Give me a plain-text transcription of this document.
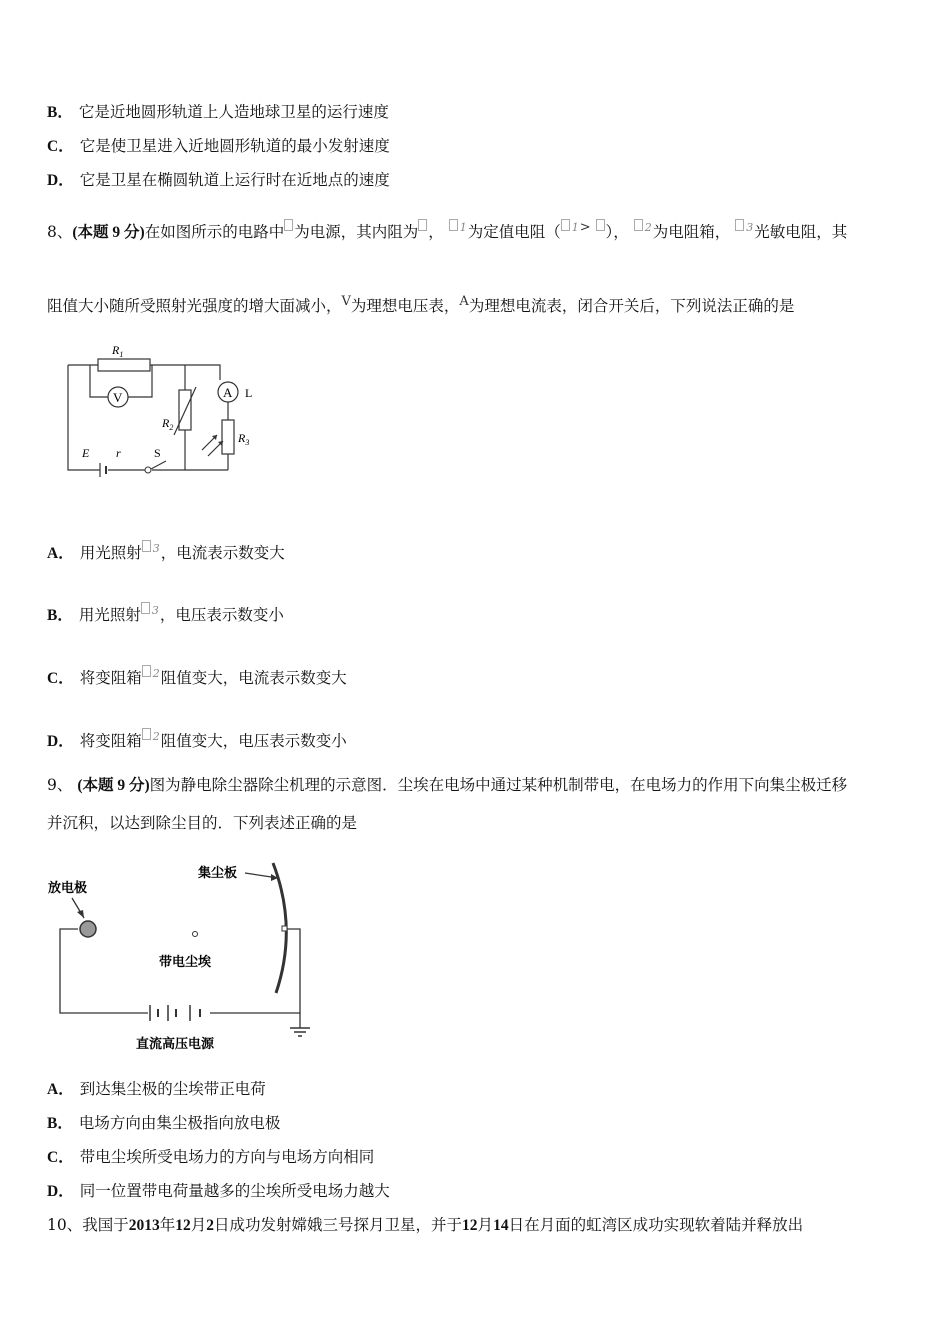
B． 它是近地圆形轨道上人造地球卫星的运行速度
C． 它是使卫星进入近地圆形轨道的最小发射速度
D． 它是卫星在椭圆轨道上运行时在近地点的速度
8、(本题 9 分)在如图所示的电路中 为电源，其内阻为 ， 1为定值电阻（ 1> ）， 2为电阻箱， 3光敏电阻，其
阻值大小随所受照射光强度的增大面减小，$^V$为理想电压表，$^A$为理想电流表，闭合开关后，下列说法正确的是
$R_1$
V
$R_2$
A L
$R_3$
E r	S
A． 用光照射 3，电流表示数变大
B． 用光照射 3，电压表示数变小
C． 将变阻箱 2阻值变大，电流表示数变大
D． 将变阻箱 2阻值变大，电压表示数变小
9、 (本题 9 分)图为静电除尘器除尘机理的示意图．尘埃在电场中通过某种机制带电，在电场力的作用下向集尘极迁移
并沉积，以达到除尘目的．下列表述正确的是
放电极
集尘板
带电尘埃
直流高压电源
A． 到达集尘极的尘埃带正电荷
B． 电场方向由集尘极指向放电极
C． 带电尘埃所受电场力的方向与电场方向相同
D． 同一位置带电荷量越多的尘埃所受电场力越大
10、我国于2013年12月2日成功发射嫦娥三号探月卫星，并于12月14日在月面的虹湾区成功实现软着陆并释放出
